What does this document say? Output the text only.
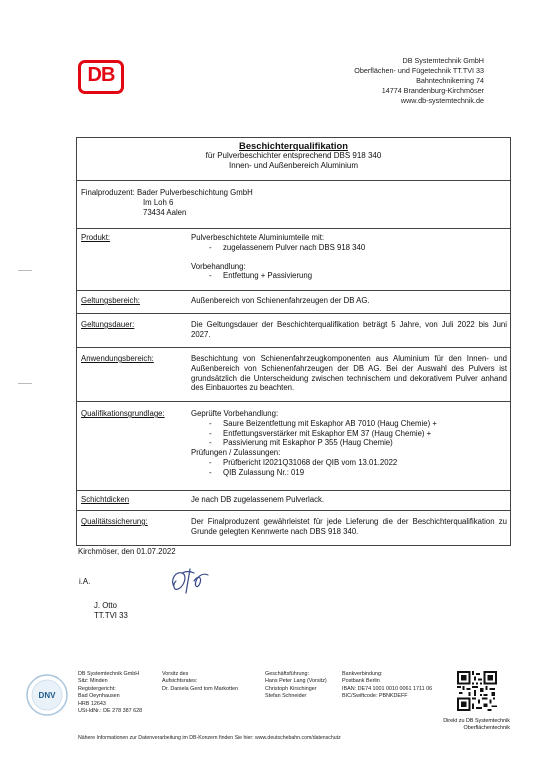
DB
DB Systemtechnik GmbH
Oberflächen- und Fügetechnik TT.TVI 33
Bahntechnikerring 74
14774 Brandenburg-Kirchmöser
www.db-systemtechnik.de
Beschichterqualifikation
für Pulverbeschichter entsprechend DBS 918 340
Innen- und Außenbereich Aluminium
Finalproduzent: Bader Pulverbeschichtung GmbH
Im Loh 6
73434 Aalen
Produkt:	Pulverbeschichtete Aluminiumteile mit:
- zugelassenem Pulver nach DBS 918 340
Vorbehandlung:
- Entfettung + Passivierung
Geltungsbereich:	Außenbereich von Schienenfahrzeugen der DB AG.
Geltungsdauer:	Die Geltungsdauer der Beschichterqualifikation beträgt 5 Jahre, von Juli 2022 bis Juni 2027.
Anwendungsbereich:	Beschichtung von Schienenfahrzeugkomponenten aus Aluminium für den Innen- und Außenbereich von Schienenfahrzeugen der DB AG. Bei der Auswahl des Pulvers ist grundsätzlich die Unterscheidung zwischen technischem und dekorativem Pulver anhand des Einbauortes zu beachten.
Qualifikationsgrundlage:	Geprüfte Vorbehandlung:
- Saure Beizentfettung mit Eskaphor AB 7010 (Haug Chemie) +
- Entfettungsverstärker mit Eskaphor EM 37 (Haug Chemie) +
- Passivierung mit Eskaphor P 355 (Haug Chemie)
Prüfungen / Zulassungen:
- Prüfbericht I2021Q31068 der QIB vom 13.01.2022
- QIB Zulassung Nr.: 019
Schichtdicken	Je nach DB zugelassenem Pulverlack.
Qualitätssicherung:	Der Finalproduzent gewährleistet für jede Lieferung die der Beschichterqualifikation zu Grunde gelegten Kennwerte nach DBS 918 340.
Kirchmöser, den 01.07.2022
i.A.
J. Otto
TT.TVI 33
DNV
DB Systemtechnik GmbH
Sitz: Minden
Registergericht:
Bad Oeynhausen
HRB 12643
USt-IdNr.: DE 278 387 628
Vorsitz des
Aufsichtsrates:
Dr. Daniela Gerd tom Markotten
Geschäftsführung:
Hans Peter Lang (Vorsitz)
Christoph Kirschinger
Stefan Schneider
Bankverbindung:
Postbank Berlin
IBAN: DE74 1001 0010 0061 1711 06
BIC/Swiftcode: PBNKDEFF
Direkt zu DB Systemtechnik
Oberflächentechnik
Nähere Informationen zur Datenverarbeitung im DB-Konzern finden Sie hier: www.deutschebahn.com/datenschutz
